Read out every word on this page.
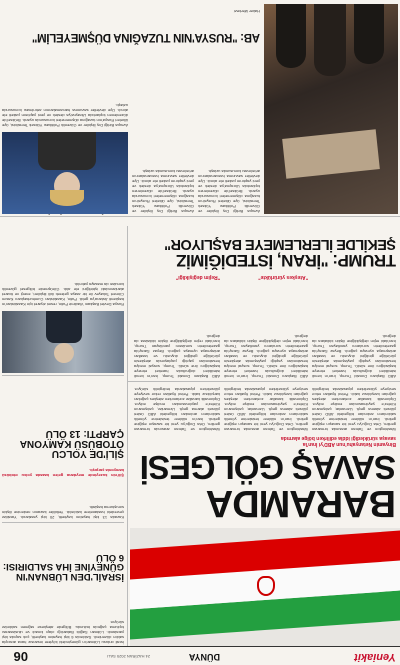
Yeniakit
DÜNYA
24 HAZİRAN 2025 SALI
06
BARAMDA
SAVAŞ GÖLGESİ
Binyamin Netanyahu'nun ABD'yi İran'la
savaşa sürüklediği iddia edilirken bölge alarmda
Washington ve Tahran arasında tırmanan gerilim, Orta Doğu'yu yeni bir savaşın eşiğine getirdi. İran'ın nükleer tesislerine yönelik saldırıların ardından bölgedeki ABD üsleri yüksek alarma geçti. Uzmanlar, çatışmanın Körfez'e yayılmasından endişe ediyor. Diplomatik kanallar zorlanırken ateşkes çağrıları karşılıksız kaldı. Petrol fiyatları rekor seviyeye yükselirken piyasalarda tedirginlik
Washington ve Tahran arasında tırmanan gerilim, Orta Doğu'yu yeni bir savaşın eşiğine getirdi. İran'ın nükleer tesislerine yönelik saldırıların ardından bölgedeki ABD üsleri yüksek alarma geçti. Uzmanlar, çatışmanın Körfez'e yayılmasından endişe ediyor. Diplomatik kanallar zorlanırken ateşkes çağrıları karşılıksız kaldı. Petrol fiyatları rekor seviyeye yükselirken piyasalarda tedirginlik
Washington ve Tahran arasında tırmanan gerilim, Orta Doğu'yu yeni bir savaşın eşiğine getirdi. İran'ın nükleer tesislerine yönelik saldırıların ardından bölgedeki ABD üsleri yüksek alarma geçti. Uzmanlar, çatışmanın Körfez'e yayılmasından endişe ediyor. Diplomatik kanallar zorlanırken ateşkes çağrıları karşılıksız kaldı. Petrol fiyatları rekor seviyeye yükselirken piyasalarda tedirginlik sürüyor.
İsrail ordusu Lübnan'ın güneyindeki köylere insansız hava aracıyla saldırı düzenledi. Saldırıda 6 kişi hayatını kaybetti, çok sayıda kişi yaralandı. Lübnan Sağlık Bakanlığı olayı kınadı ve uluslararası topluma çağrıda bulundu. Bölgede ateşkese rağmen saldırılar sürüyor.
İSRAİL'DEN LÜBNAN'IN GÜNEYİNE İHA SALDIRISI: 6 ÖLÜ
Kazada 13 kişi hayatını kaybetti, 20 kişi yaralandı. Yaralılar çevredeki hastanelere kaldırıldı. Yetkililer kazanın nedenine ilişkin soruşturma başlattı.
Şili'nin kuzeyinde meydana gelen kazada yolcu otobüsü kamyonla çarpıştı.
ŞİLİ'DE YOLCU OTOBÜSÜ KAMYONA ÇARPTI: 13 ÖLÜ
Rusya Devlet Başkanı Vladimir Putin, resmi ziyaret için Kazakistan'ın başkenti Astana'ya geldi. Putin, Kazakistan Cumhurbaşkanı Kasım Cömert Tokayev ile bir araya gelerek ikili ilişkileri, enerji ve ticaret alanlarındaki işbirliğini ele aldı. Görüşmede bölgesel güvenlik konuları da masaya yatırıldı.
ABD Başkanı Donald Trump, İran'ın kendi istedikleri doğrultuda hareket etmeye başladığını öne sürdü. Trump, sosyal medya hesabından yaptığı paylaşımda ateşkesin yürürlüğe girdiğini duyurdu ve tarafları anlaşmaya uymaya çağırdı. Beyaz Saray'da gazetecilerin sorularını yanıtlayan Trump, İran'daki rejim değişikliğine ilişkin iddialara da değindi.
ABD Başkanı Donald Trump, İran'ın kendi istedikleri doğrultuda hareket etmeye başladığını öne sürdü. Trump, sosyal medya hesabından yaptığı paylaşımda ateşkesin yürürlüğe girdiğini duyurdu ve tarafları anlaşmaya uymaya çağırdı. Beyaz Saray'da gazetecilerin sorularını yanıtlayan Trump, İran'daki rejim değişikliğine ilişkin iddialara da değindi.
ABD Başkanı Donald Trump, İran'ın kendi istedikleri doğrultuda hareket etmeye başladığını öne sürdü. Trump, sosyal medya hesabından yaptığı paylaşımda ateşkesin yürürlüğe girdiğini duyurdu ve tarafları anlaşmaya uymaya çağırdı. Beyaz Saray'da gazetecilerin sorularını yanıtlayan Trump, İran'daki rejim değişikliğine ilişkin iddialara da değindi.
"Ateşkes yürürlükte"
"Rejim değişikliği"
TRUMP: "İRAN, İSTEDİĞİMİZ
ŞEKİLDE İLERLEMEYE BAŞLIYOR"
Avrupa Birliği Dış İlişkiler ve Güvenlik Politikası Yüksek Temsilcisi, üye ülkeleri Rusya'nın tuzağına düşmemeleri konusunda uyardı. Brüksel'de düzenlenen toplantıda Ukrayna'ya destek ve yeni yaptırım paketi ele alındı. Üye devletler savunma harcamalarının artırılması konusunda uzlaştı.
Avrupa Birliği Dış İlişkiler ve Güvenlik Politikası Yüksek Temsilcisi, üye ülkeleri Rusya'nın tuzağına düşmemeleri konusunda uyardı. Brüksel'de düzenlenen toplantıda Ukrayna'ya destek ve yeni yaptırım paketi ele alındı. Üye devletler savunma harcamalarının artırılması konusunda uzlaştı.
Avrupa Birliği Dış İlişkiler ve Güvenlik Politikası Yüksek Temsilcisi, üye ülkeleri Rusya'nın tuzağına düşmemeleri konusunda uyardı. Brüksel'de düzenlenen toplantıda Ukrayna'ya destek ve yeni yaptırım paketi ele alındı. Üye devletler savunma harcamalarının artırılması konusunda uzlaştı.
AB: "RUSYA'NIN TUZAĞINA DÜŞMEYELİM"
Haber Merkezi
